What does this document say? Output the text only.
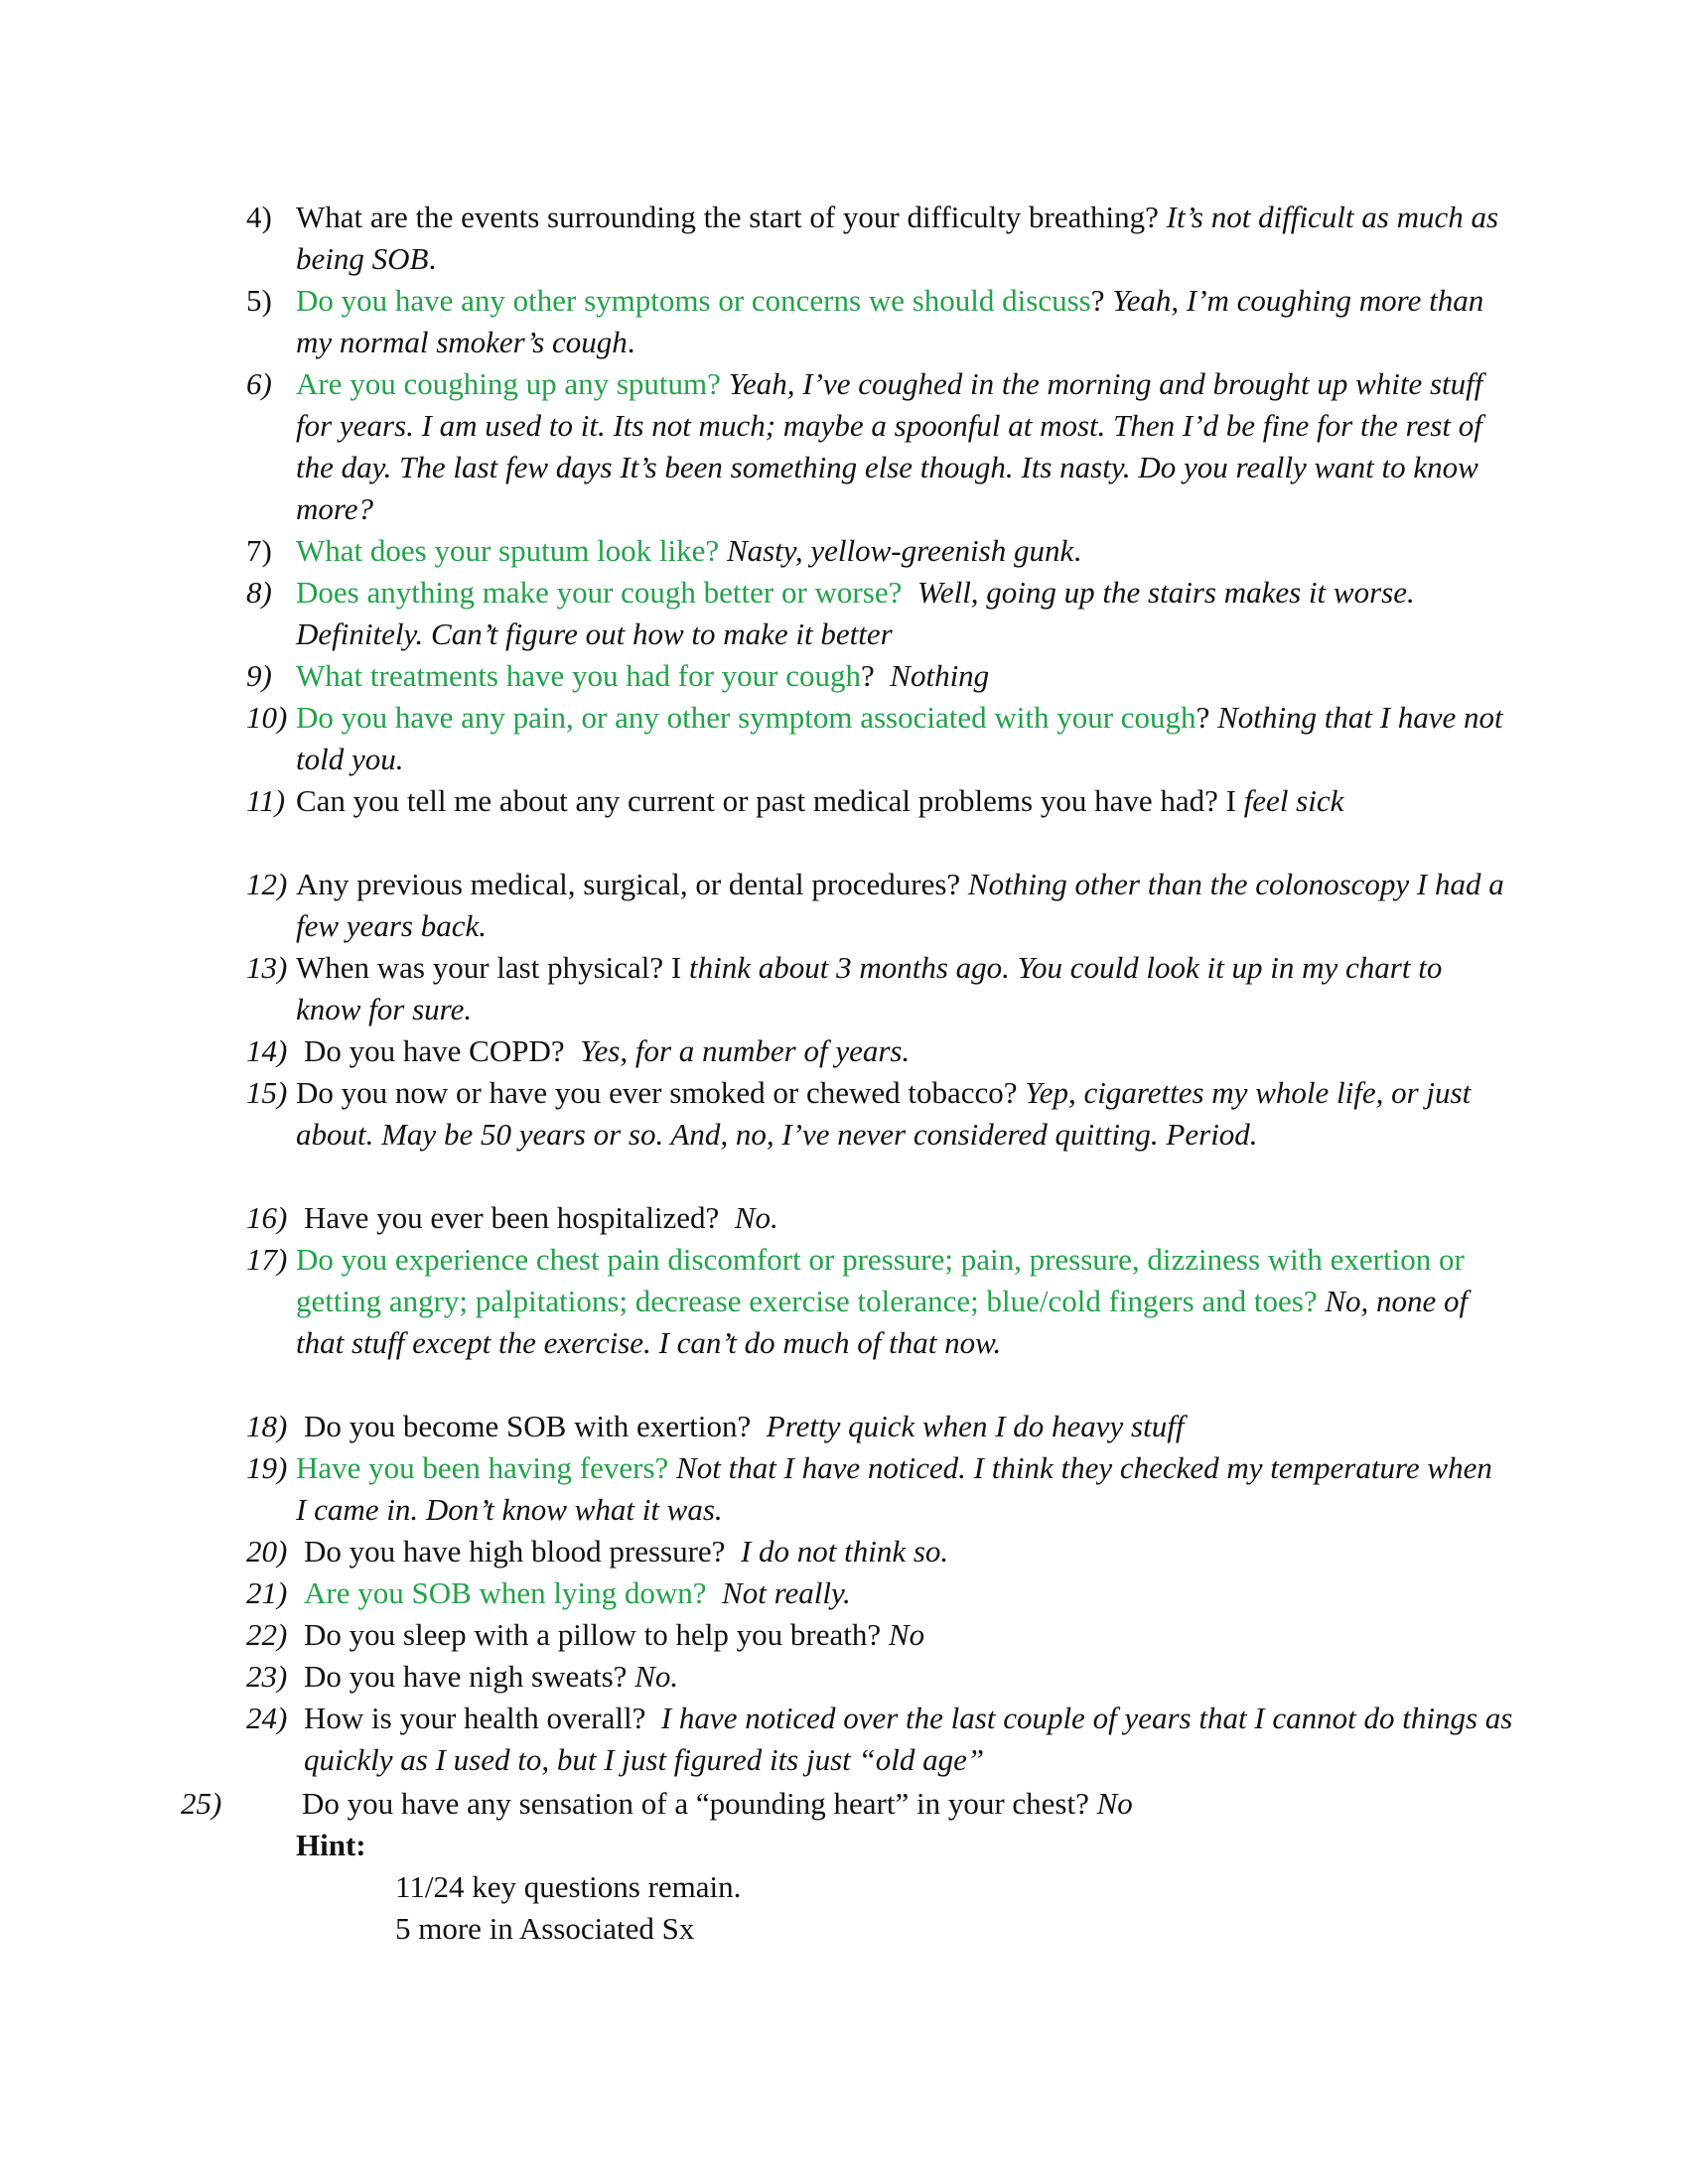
4) What are the events surrounding the start of your difficulty breathing? It’s not difficult as much as being SOB.
5) Do you have any other symptoms or concerns we should discuss? Yeah, I’m coughing more than my normal smoker’s cough.
6) Are you coughing up any sputum? Yeah, I’ve coughed in the morning and brought up white stuff for years. I am used to it. Its not much; maybe a spoonful at most. Then I’d be fine for the rest of the day. The last few days It’s been something else though. Its nasty. Do you really want to know more?
7) What does your sputum look like? Nasty, yellow-greenish gunk.
8) Does anything make your cough better or worse? Well, going up the stairs makes it worse. Definitely. Can’t figure out how to make it better
9) What treatments have you had for your cough? Nothing
10) Do you have any pain, or any other symptom associated with your cough? Nothing that I have not told you.
11) Can you tell me about any current or past medical problems you have had? I feel sick
12) Any previous medical, surgical, or dental procedures? Nothing other than the colonoscopy I had a few years back.
13) When was your last physical? I think about 3 months ago. You could look it up in my chart to know for sure.
14) Do you have COPD? Yes, for a number of years.
15) Do you now or have you ever smoked or chewed tobacco? Yep, cigarettes my whole life, or just about. May be 50 years or so. And, no, I’ve never considered quitting. Period.
16) Have you ever been hospitalized? No.
17) Do you experience chest pain discomfort or pressure; pain, pressure, dizziness with exertion or getting angry; palpitations; decrease exercise tolerance; blue/cold fingers and toes? No, none of that stuff except the exercise. I can’t do much of that now.
18) Do you become SOB with exertion? Pretty quick when I do heavy stuff
19) Have you been having fevers? Not that I have noticed. I think they checked my temperature when I came in. Don’t know what it was.
20) Do you have high blood pressure? I do not think so.
21) Are you SOB when lying down? Not really.
22) Do you sleep with a pillow to help you breath? No
23) Do you have nigh sweats? No.
24) How is your health overall? I have noticed over the last couple of years that I cannot do things as quickly as I used to, but I just figured its just “old age”
25)	Do you have any sensation of a “pounding heart” in your chest? No
Hint:
11/24 key questions remain.
5 more in Associated Sx
